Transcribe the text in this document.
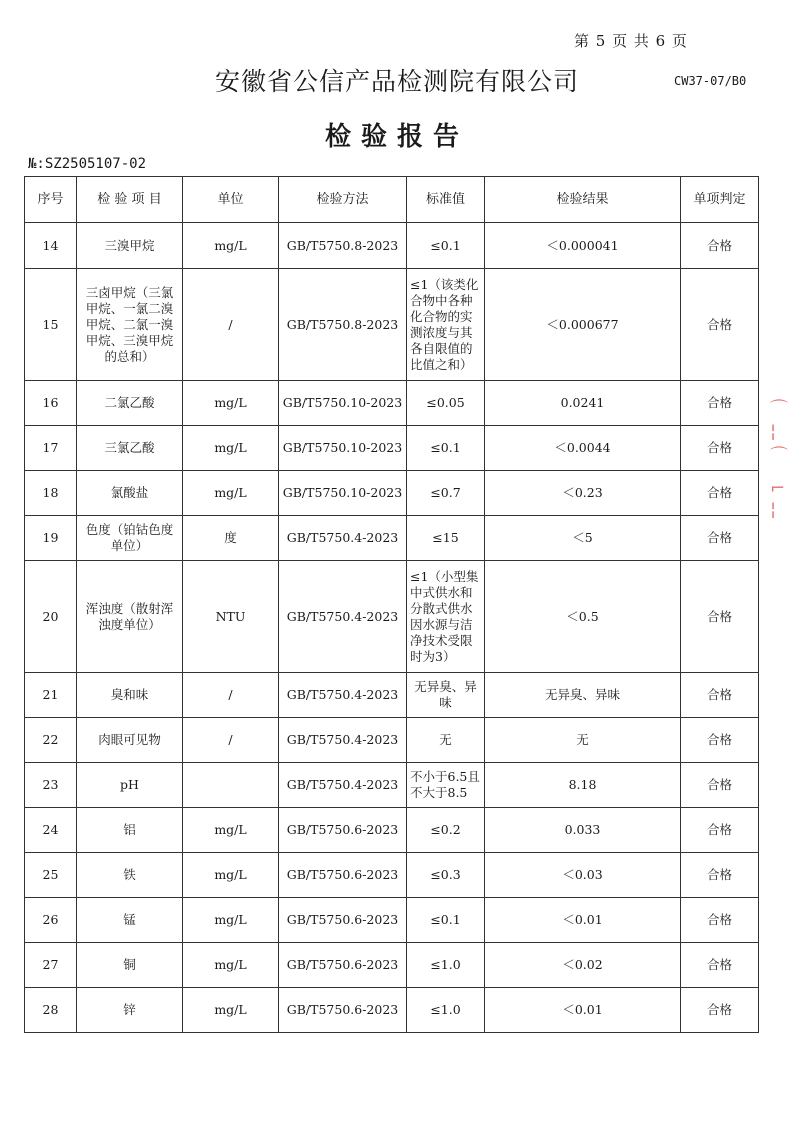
第 5 页 共 6 页
安徽省公信产品检测院有限公司	CW37-07/B0
检验报告
№:SZ2505107-02
⌒
¦
⌒
⌐
¦
序号	检 验 项 目	单位	检验方法	标准值	检验结果	单项判定
14	三溴甲烷	mg/L	GB/T5750.8-2023	≤0.1	＜0.000041	合格
15	三卤甲烷（三氯甲烷、一氯二溴甲烷、二氯一溴甲烷、三溴甲烷的总和）	/	GB/T5750.8-2023	≤1（该类化合物中各种化合物的实测浓度与其各自限值的比值之和）	＜0.000677	合格
16	二氯乙酸	mg/L	GB/T5750.10-2023	≤0.05	0.0241	合格
17	三氯乙酸	mg/L	GB/T5750.10-2023	≤0.1	＜0.0044	合格
18	氯酸盐	mg/L	GB/T5750.10-2023	≤0.7	＜0.23	合格
19	色度（铂钴色度单位）	度	GB/T5750.4-2023	≤15	＜5	合格
20	浑浊度（散射浑浊度单位）	NTU	GB/T5750.4-2023	≤1（小型集中式供水和分散式供水因水源与洁净技术受限时为3）	＜0.5	合格
21	臭和味	/	GB/T5750.4-2023	无异臭、异味	无异臭、异味	合格
22	肉眼可见物	/	GB/T5750.4-2023	无	无	合格
23	pH		GB/T5750.4-2023	不小于6.5且不大于8.5	8.18	合格
24	铝	mg/L	GB/T5750.6-2023	≤0.2	0.033	合格
25	铁	mg/L	GB/T5750.6-2023	≤0.3	＜0.03	合格
26	锰	mg/L	GB/T5750.6-2023	≤0.1	＜0.01	合格
27	铜	mg/L	GB/T5750.6-2023	≤1.0	＜0.02	合格
28	锌	mg/L	GB/T5750.6-2023	≤1.0	＜0.01	合格
